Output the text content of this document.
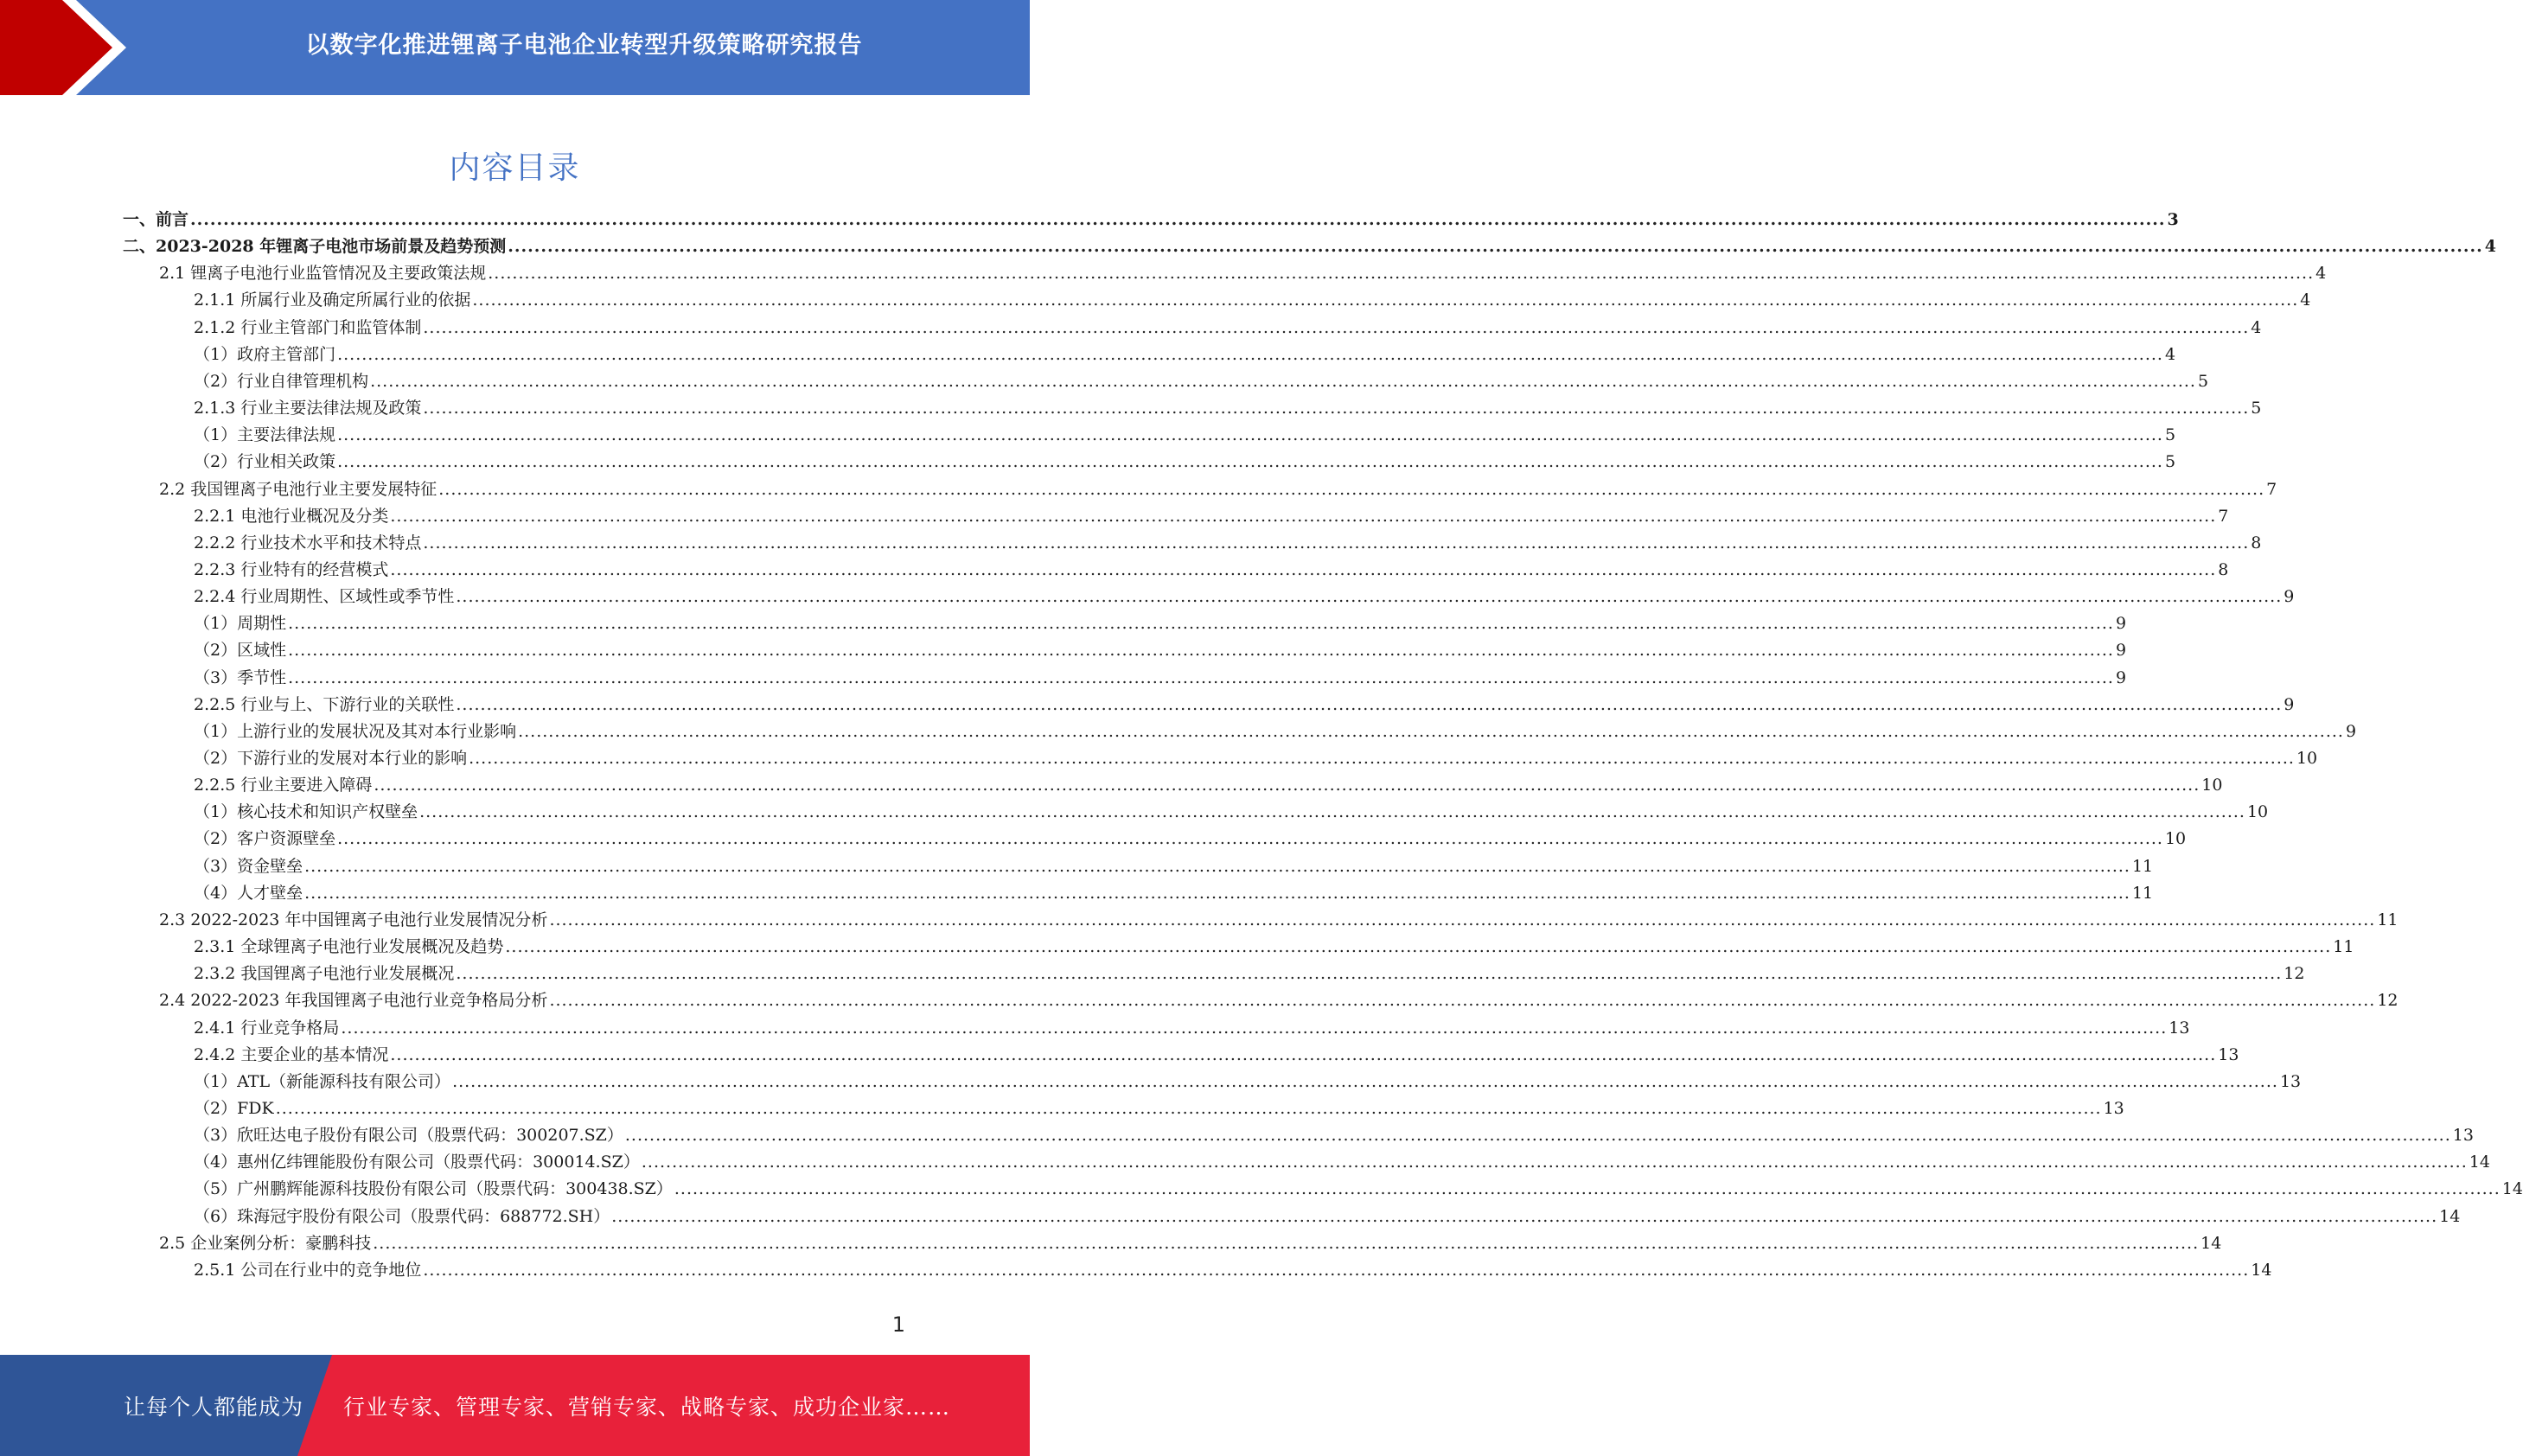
以数字化推进锂离子电池企业转型升级策略研究报告
内容目录
一、前言 ............................................................................................................................................................................................................................................................................................................ 3
二、2023-2028 年锂离子电池市场前景及趋势预测 ............................................................................................................................................................................................................................................................................................................ 4
2.1 锂离子电池行业监管情况及主要政策法规 ............................................................................................................................................................................................................................................................................................................ 4
2.1.1 所属行业及确定所属行业的依据 ............................................................................................................................................................................................................................................................................................................ 4
2.1.2 行业主管部门和监管体制 ............................................................................................................................................................................................................................................................................................................ 4
（1）政府主管部门 ............................................................................................................................................................................................................................................................................................................ 4
（2）行业自律管理机构 ............................................................................................................................................................................................................................................................................................................ 5
2.1.3 行业主要法律法规及政策 ............................................................................................................................................................................................................................................................................................................ 5
（1）主要法律法规 ............................................................................................................................................................................................................................................................................................................ 5
（2）行业相关政策 ............................................................................................................................................................................................................................................................................................................ 5
2.2 我国锂离子电池行业主要发展特征 ............................................................................................................................................................................................................................................................................................................ 7
2.2.1 电池行业概况及分类 ............................................................................................................................................................................................................................................................................................................ 7
2.2.2 行业技术水平和技术特点 ............................................................................................................................................................................................................................................................................................................ 8
2.2.3 行业特有的经营模式 ............................................................................................................................................................................................................................................................................................................ 8
2.2.4 行业周期性、区域性或季节性 ............................................................................................................................................................................................................................................................................................................ 9
（1）周期性 ............................................................................................................................................................................................................................................................................................................ 9
（2）区域性 ............................................................................................................................................................................................................................................................................................................ 9
（3）季节性 ............................................................................................................................................................................................................................................................................................................ 9
2.2.5 行业与上、下游行业的关联性 ............................................................................................................................................................................................................................................................................................................ 9
（1）上游行业的发展状况及其对本行业影响 ............................................................................................................................................................................................................................................................................................................ 9
（2）下游行业的发展对本行业的影响 ............................................................................................................................................................................................................................................................................................................ 10
2.2.5 行业主要进入障碍 ............................................................................................................................................................................................................................................................................................................ 10
（1）核心技术和知识产权壁垒 ............................................................................................................................................................................................................................................................................................................ 10
（2）客户资源壁垒 ............................................................................................................................................................................................................................................................................................................ 10
（3）资金壁垒 ............................................................................................................................................................................................................................................................................................................ 11
（4）人才壁垒 ............................................................................................................................................................................................................................................................................................................ 11
2.3 2022-2023 年中国锂离子电池行业发展情况分析 ............................................................................................................................................................................................................................................................................................................ 11
2.3.1 全球锂离子电池行业发展概况及趋势 ............................................................................................................................................................................................................................................................................................................ 11
2.3.2 我国锂离子电池行业发展概况 ............................................................................................................................................................................................................................................................................................................ 12
2.4 2022-2023 年我国锂离子电池行业竞争格局分析 ............................................................................................................................................................................................................................................................................................................ 12
2.4.1 行业竞争格局 ............................................................................................................................................................................................................................................................................................................ 13
2.4.2 主要企业的基本情况 ............................................................................................................................................................................................................................................................................................................ 13
（1）ATL（新能源科技有限公司） ............................................................................................................................................................................................................................................................................................................ 13
（2）FDK ............................................................................................................................................................................................................................................................................................................ 13
（3）欣旺达电子股份有限公司（股票代码：300207.SZ） ............................................................................................................................................................................................................................................................................................................ 13
（4）惠州亿纬锂能股份有限公司（股票代码：300014.SZ） ............................................................................................................................................................................................................................................................................................................ 14
（5）广州鹏辉能源科技股份有限公司（股票代码：300438.SZ） ............................................................................................................................................................................................................................................................................................................ 14
（6）珠海冠宇股份有限公司（股票代码：688772.SH） ............................................................................................................................................................................................................................................................................................................ 14
2.5 企业案例分析：豪鹏科技 ............................................................................................................................................................................................................................................................................................................ 14
2.5.1 公司在行业中的竞争地位 ............................................................................................................................................................................................................................................................................................................ 14
1
让每个人都能成为 行业专家、管理专家、营销专家、战略专家、成功企业家……
